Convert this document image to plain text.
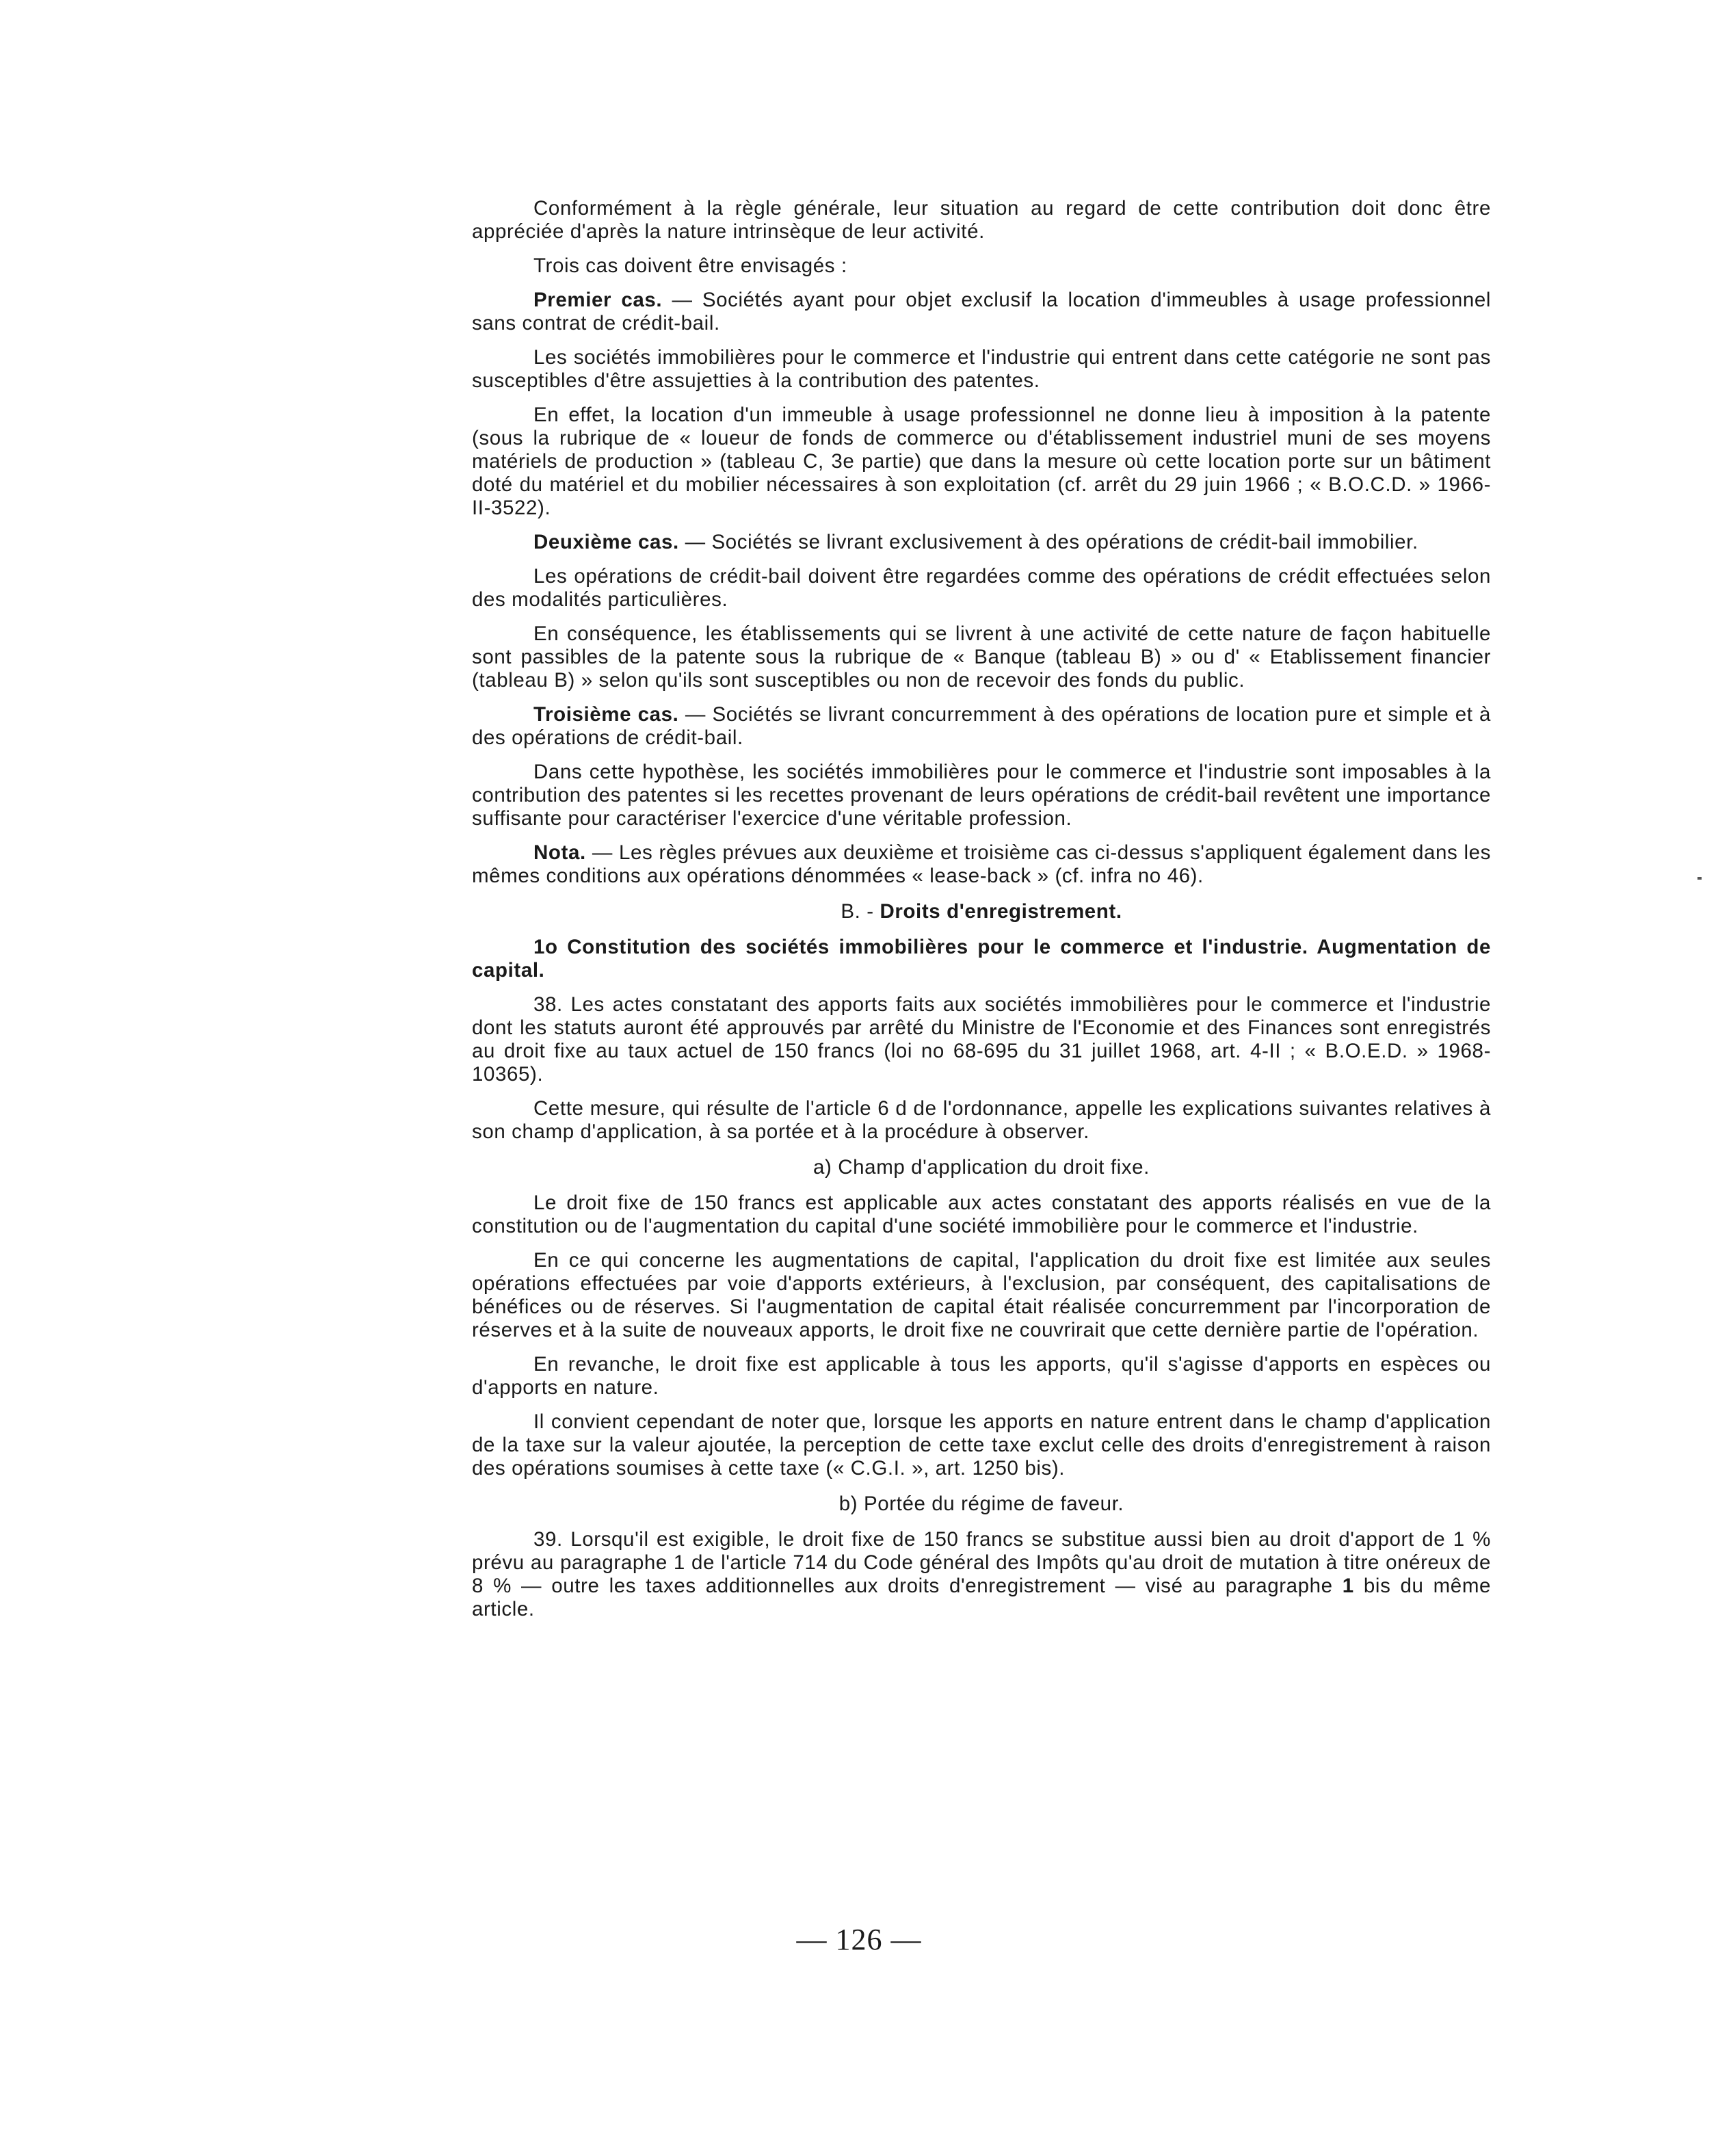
Conformément à la règle générale, leur situation au regard de cette contribution doit donc être appréciée d'après la nature intrinsèque de leur activité.

Trois cas doivent être envisagés :

Premier cas. — Sociétés ayant pour objet exclusif la location d'immeubles à usage professionnel sans contrat de crédit-bail.

Les sociétés immobilières pour le commerce et l'industrie qui entrent dans cette catégorie ne sont pas susceptibles d'être assujetties à la contribution des patentes.

En effet, la location d'un immeuble à usage professionnel ne donne lieu à imposition à la patente (sous la rubrique de « loueur de fonds de commerce ou d'établissement industriel muni de ses moyens matériels de production » (tableau C, 3e partie) que dans la mesure où cette location porte sur un bâtiment doté du matériel et du mobilier nécessaires à son exploitation (cf. arrêt du 29 juin 1966 ; « B.O.C.D. » 1966-II-3522).

Deuxième cas. — Sociétés se livrant exclusivement à des opérations de crédit-bail immobilier.

Les opérations de crédit-bail doivent être regardées comme des opérations de crédit effectuées selon des modalités particulières.

En conséquence, les établissements qui se livrent à une activité de cette nature de façon habituelle sont passibles de la patente sous la rubrique de « Banque (tableau B) » ou d' « Etablissement financier (tableau B) » selon qu'ils sont susceptibles ou non de recevoir des fonds du public.

Troisième cas. — Sociétés se livrant concurremment à des opérations de location pure et simple et à des opérations de crédit-bail.

Dans cette hypothèse, les sociétés immobilières pour le commerce et l'industrie sont imposables à la contribution des patentes si les recettes provenant de leurs opérations de crédit-bail revêtent une importance suffisante pour caractériser l'exercice d'une véritable profession.

Nota. — Les règles prévues aux deuxième et troisième cas ci-dessus s'appliquent également dans les mêmes conditions aux opérations dénommées « lease-back » (cf. infra no 46).

B. - Droits d'enregistrement.

1o Constitution des sociétés immobilières pour le commerce et l'industrie. Augmentation de capital.

38. Les actes constatant des apports faits aux sociétés immobilières pour le commerce et l'industrie dont les statuts auront été approuvés par arrêté du Ministre de l'Economie et des Finances sont enregistrés au droit fixe au taux actuel de 150 francs (loi no 68-695 du 31 juillet 1968, art. 4-II ; « B.O.E.D. » 1968-10365).

Cette mesure, qui résulte de l'article 6 d de l'ordonnance, appelle les explications suivantes relatives à son champ d'application, à sa portée et à la procédure à observer.

a) Champ d'application du droit fixe.

Le droit fixe de 150 francs est applicable aux actes constatant des apports réalisés en vue de la constitution ou de l'augmentation du capital d'une société immobilière pour le commerce et l'industrie.

En ce qui concerne les augmentations de capital, l'application du droit fixe est limitée aux seules opérations effectuées par voie d'apports extérieurs, à l'exclusion, par conséquent, des capitalisations de bénéfices ou de réserves. Si l'augmentation de capital était réalisée concurremment par l'incorporation de réserves et à la suite de nouveaux apports, le droit fixe ne couvrirait que cette dernière partie de l'opération.

En revanche, le droit fixe est applicable à tous les apports, qu'il s'agisse d'apports en espèces ou d'apports en nature.

Il convient cependant de noter que, lorsque les apports en nature entrent dans le champ d'application de la taxe sur la valeur ajoutée, la perception de cette taxe exclut celle des droits d'enregistrement à raison des opérations soumises à cette taxe (« C.G.I. », art. 1250 bis).

b) Portée du régime de faveur.

39. Lorsqu'il est exigible, le droit fixe de 150 francs se substitue aussi bien au droit d'apport de 1 % prévu au paragraphe 1 de l'article 714 du Code général des Impôts qu'au droit de mutation à titre onéreux de 8 % — outre les taxes additionnelles aux droits d'enregistrement — visé au paragraphe 1 bis du même article.

— 126 —
